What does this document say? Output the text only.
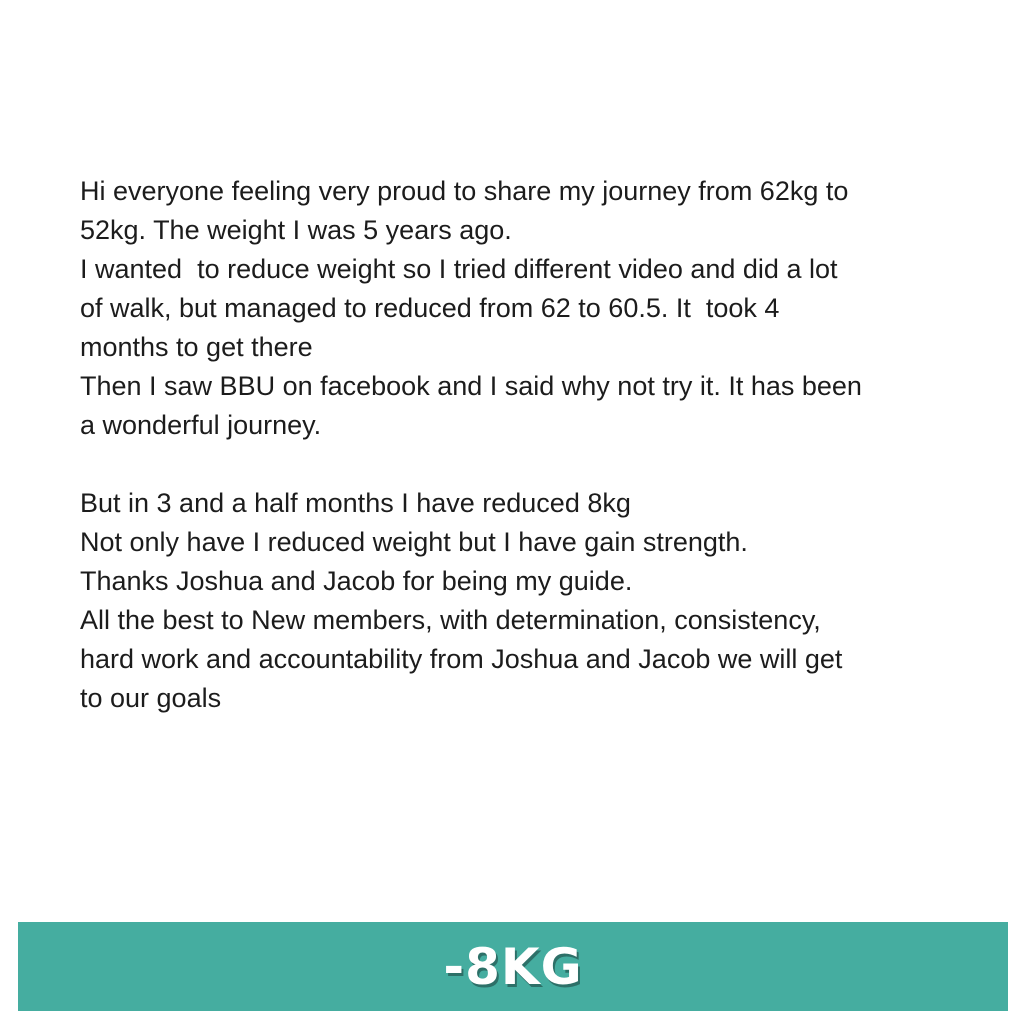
Hi everyone feeling very proud to share my journey from 62kg to
52kg. The weight I was 5 years ago.
I wanted  to reduce weight so I tried different video and did a lot
of walk, but managed to reduced from 62 to 60.5. It  took 4
months to get there
Then I saw BBU on facebook and I said why not try it. It has been
a wonderful journey.
But in 3 and a half months I have reduced 8kg
Not only have I reduced weight but I have gain strength.
Thanks Joshua and Jacob for being my guide.
All the best to New members, with determination, consistency,
hard work and accountability from Joshua and Jacob we will get
to our goals
-8KG
